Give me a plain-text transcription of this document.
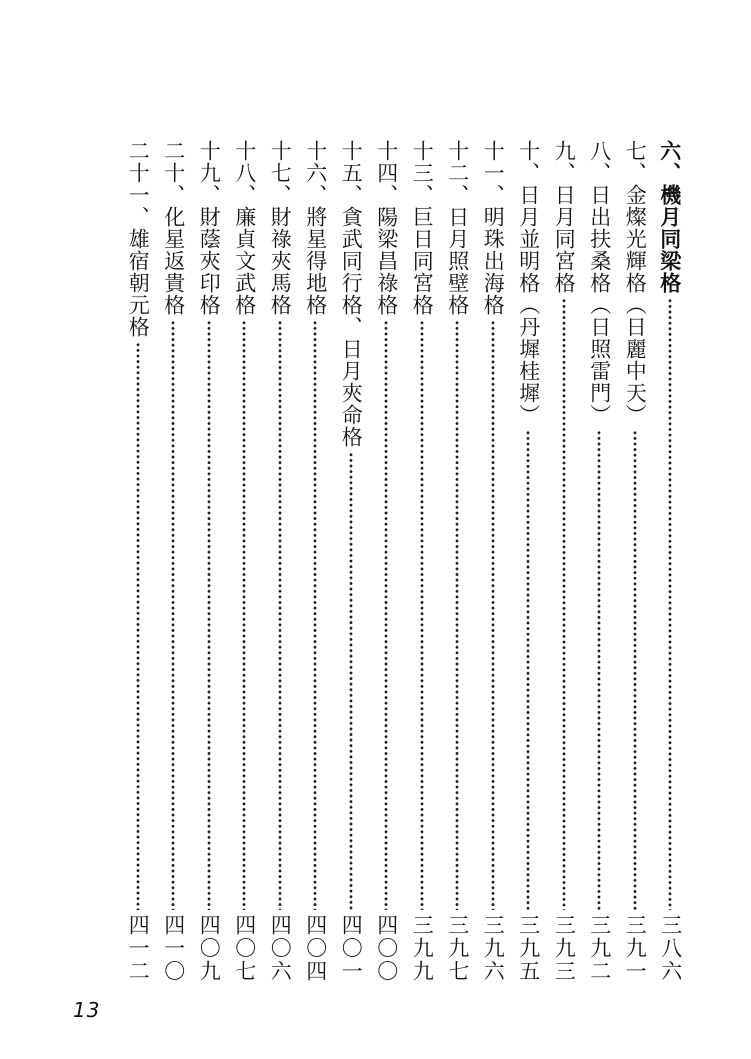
六、機月同梁格
三八六
七、金燦光輝格（日麗中天）
三九一
八、日出扶桑格（日照雷門）
三九二
九、日月同宮格
三九三
十、日月並明格（丹墀桂墀）
三九五
十一、明珠出海格
三九六
十二、日月照壁格
三九七
十三、巨日同宮格
三九九
十四、陽梁昌祿格
四〇〇
十五、貪武同行格、日月夾命格
四〇一
十六、將星得地格
四〇四
十七、財祿夾馬格
四〇六
十八、廉貞文武格
四〇七
十九、財蔭夾印格
四〇九
二十、化星返貴格
四一〇
二十一、雄宿朝元格
四一二
13
